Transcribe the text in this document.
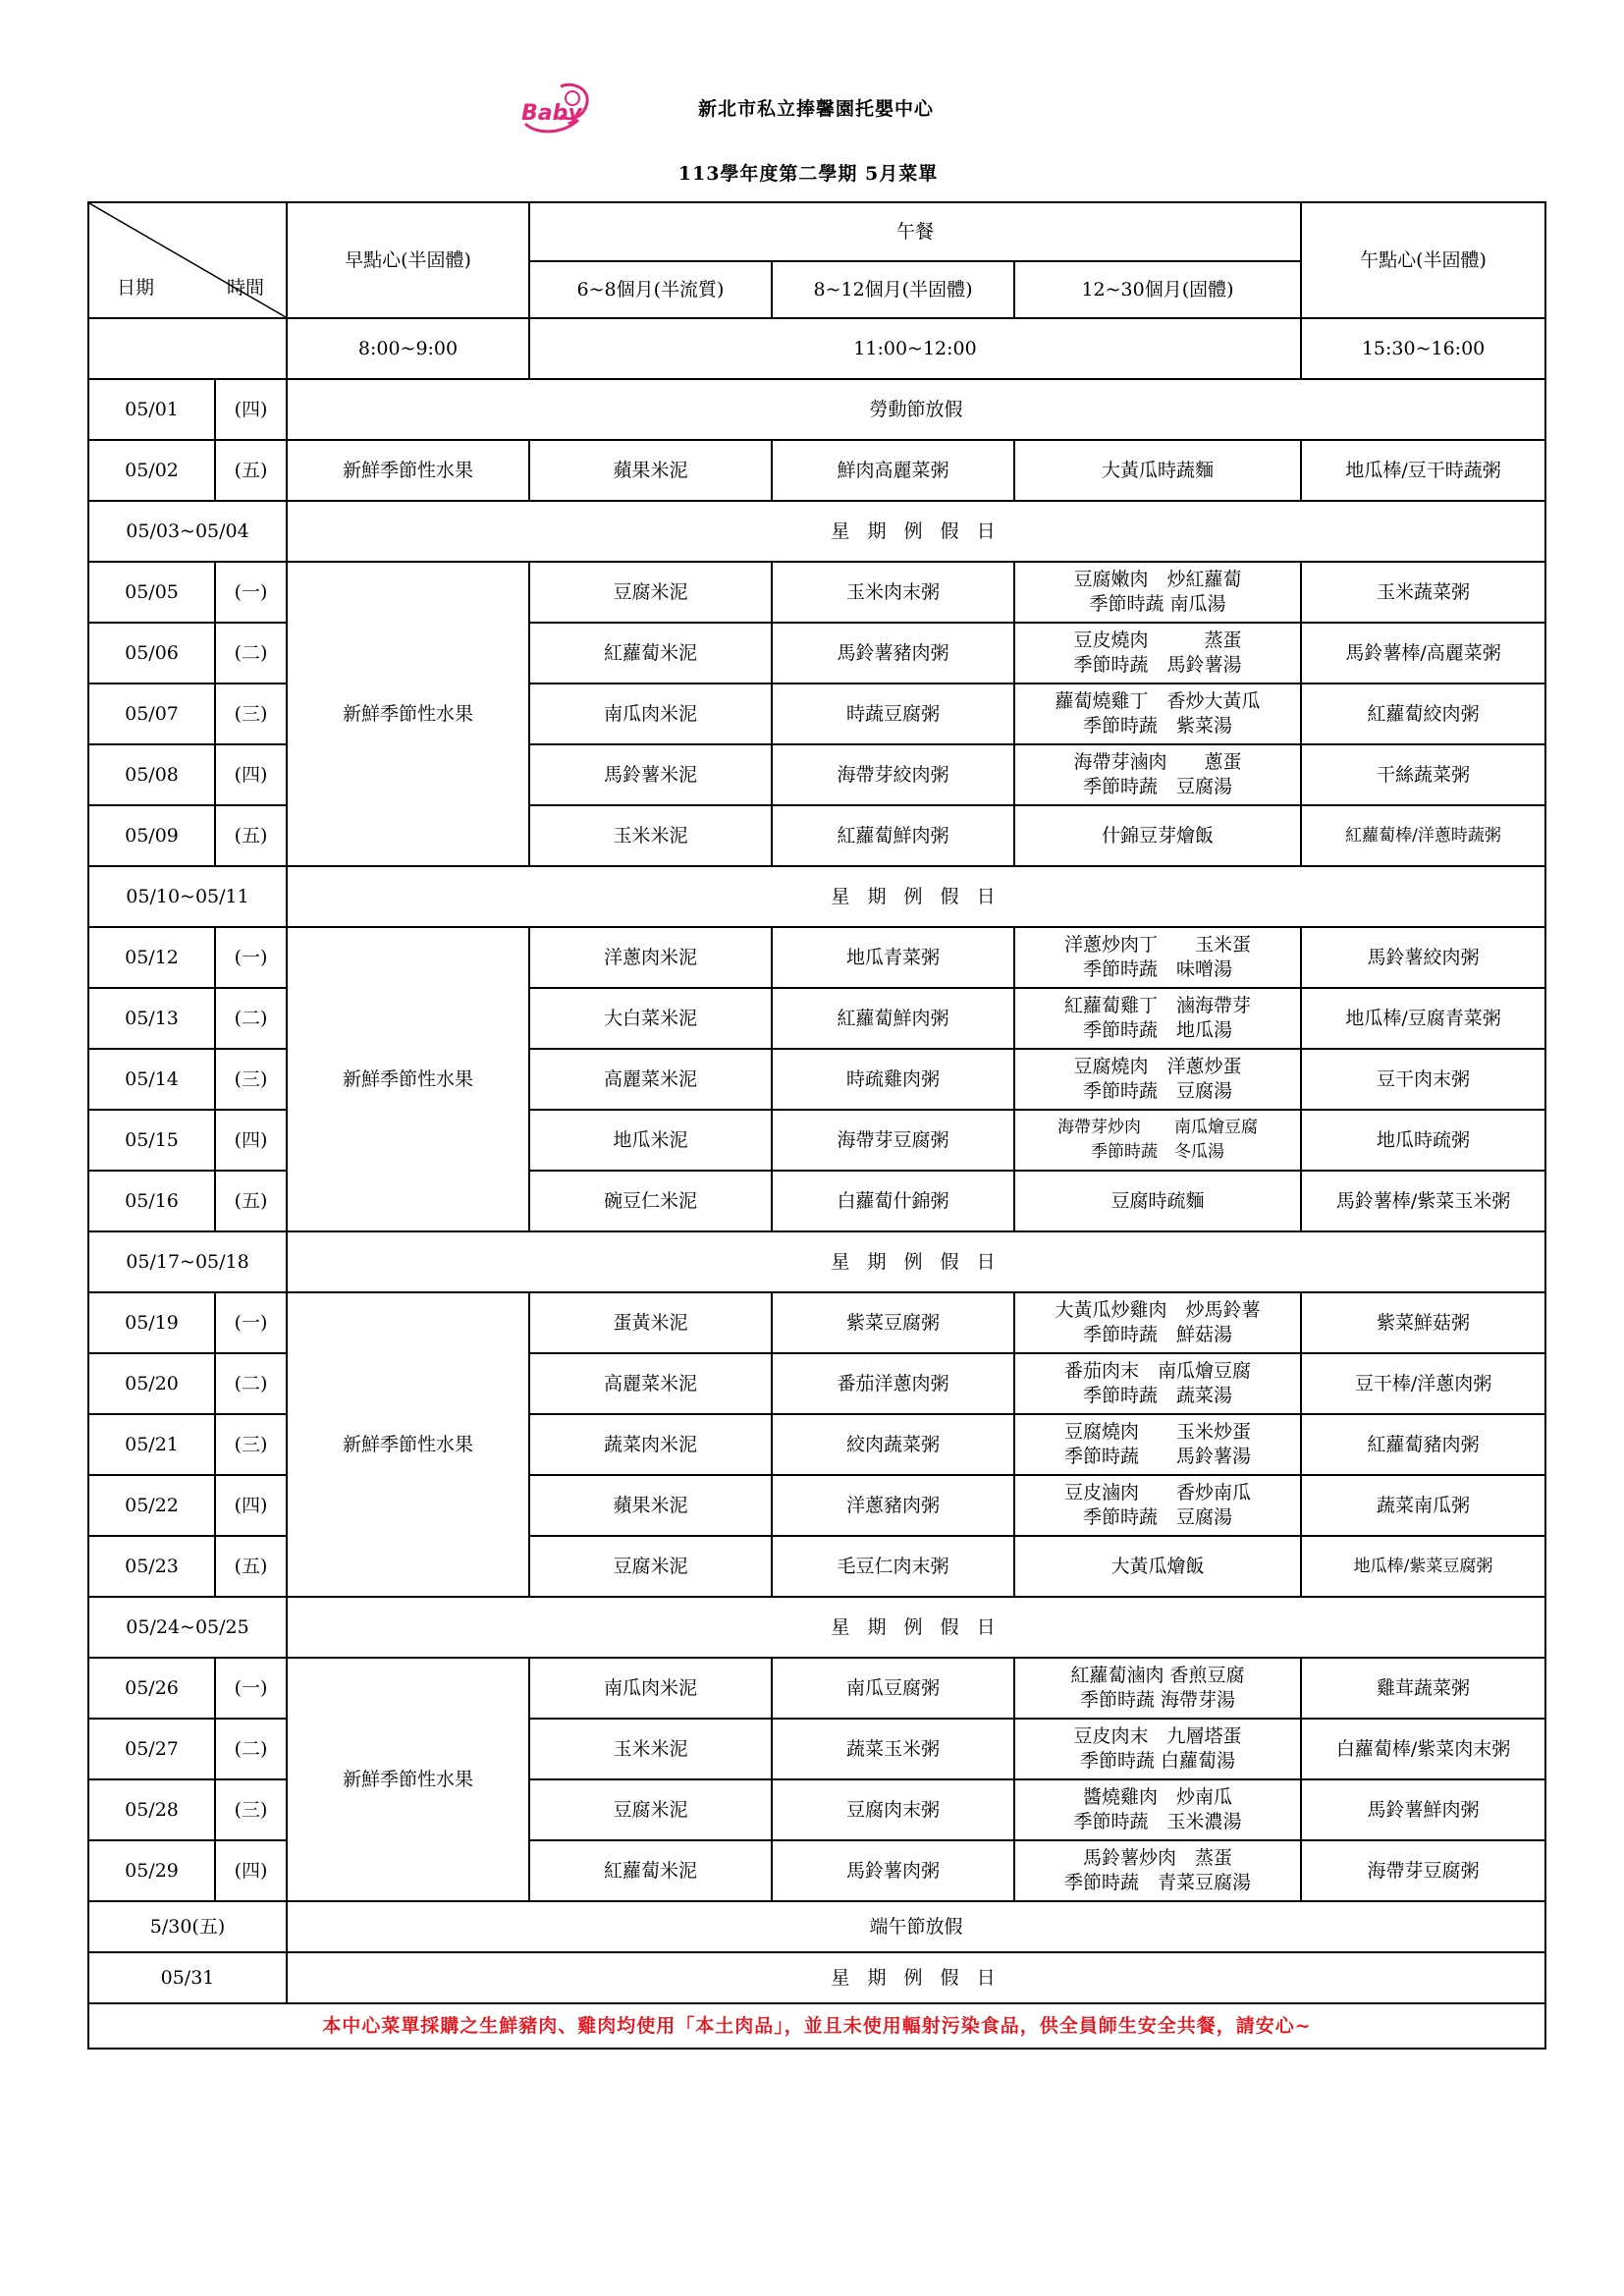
Baby	新北市私立捧馨園托嬰中心
113學年度第二學期 5月菜單
日期 時間		早點心(半固體)	午餐			午點心(半固體)
			6~8個月(半流質)	8~12個月(半固體)	12~30個月(固體)	
		8:00~9:00	11:00~12:00			15:30~16:00
05/01	(四)	勞動節放假				
05/02	(五)	新鮮季節性水果	蘋果米泥	鮮肉高麗菜粥	大黃瓜時蔬麵	地瓜棒/豆干時蔬粥
05/03~05/04		星 期 例 假 日				
05/05	(一)	新鮮季節性水果	豆腐米泥	玉米肉末粥	豆腐嫩肉　炒紅蘿蔔
季節時蔬 南瓜湯	玉米蔬菜粥
05/06	(二)		紅蘿蔔米泥	馬鈴薯豬肉粥	豆皮燒肉　　　蒸蛋
季節時蔬　馬鈴薯湯	馬鈴薯棒/高麗菜粥
05/07	(三)		南瓜肉米泥	時蔬豆腐粥	蘿蔔燒雞丁　香炒大黃瓜
季節時蔬　紫菜湯	紅蘿蔔絞肉粥
05/08	(四)		馬鈴薯米泥	海帶芽絞肉粥	海帶芽滷肉　　蔥蛋
季節時蔬　豆腐湯	干絲蔬菜粥
05/09	(五)		玉米米泥	紅蘿蔔鮮肉粥	什錦豆芽燴飯	紅蘿蔔棒/洋蔥時蔬粥
05/10~05/11		星 期 例 假 日				
05/12	(一)	新鮮季節性水果	洋蔥肉米泥	地瓜青菜粥	洋蔥炒肉丁　　玉米蛋
季節時蔬　味噌湯	馬鈴薯絞肉粥
05/13	(二)		大白菜米泥	紅蘿蔔鮮肉粥	紅蘿蔔雞丁　滷海帶芽
季節時蔬　地瓜湯	地瓜棒/豆腐青菜粥
05/14	(三)		高麗菜米泥	時疏雞肉粥	豆腐燒肉　洋蔥炒蛋
季節時蔬　豆腐湯	豆干肉末粥
05/15	(四)		地瓜米泥	海帶芽豆腐粥	海帶芽炒肉　　南瓜燴豆腐
季節時蔬　冬瓜湯	地瓜時疏粥
05/16	(五)		碗豆仁米泥	白蘿蔔什錦粥	豆腐時疏麵	馬鈴薯棒/紫菜玉米粥
05/17~05/18		星 期 例 假 日				
05/19	(一)	新鮮季節性水果	蛋黃米泥	紫菜豆腐粥	大黃瓜炒雞肉　炒馬鈴薯
季節時蔬　鮮菇湯	紫菜鮮菇粥
05/20	(二)		高麗菜米泥	番茄洋蔥肉粥	番茄肉末　南瓜燴豆腐
季節時蔬　蔬菜湯	豆干棒/洋蔥肉粥
05/21	(三)		蔬菜肉米泥	絞肉蔬菜粥	豆腐燒肉　　玉米炒蛋
季節時蔬　　馬鈴薯湯	紅蘿蔔豬肉粥
05/22	(四)		蘋果米泥	洋蔥豬肉粥	豆皮滷肉　　香炒南瓜
季節時蔬　豆腐湯	蔬菜南瓜粥
05/23	(五)		豆腐米泥	毛豆仁肉末粥	大黃瓜燴飯	地瓜棒/紫菜豆腐粥
05/24~05/25		星 期 例 假 日				
05/26	(一)	新鮮季節性水果	南瓜肉米泥	南瓜豆腐粥	紅蘿蔔滷肉 香煎豆腐
季節時蔬 海帶芽湯	雞茸蔬菜粥
05/27	(二)		玉米米泥	蔬菜玉米粥	豆皮肉末　九層塔蛋
季節時蔬 白蘿蔔湯	白蘿蔔棒/紫菜肉末粥
05/28	(三)		豆腐米泥	豆腐肉末粥	醬燒雞肉　炒南瓜
季節時蔬　玉米濃湯	馬鈴薯鮮肉粥
05/29	(四)		紅蘿蔔米泥	馬鈴薯肉粥	馬鈴薯炒肉　蒸蛋
季節時蔬　青菜豆腐湯	海帶芽豆腐粥
5/30(五)		端午節放假				
05/31		星 期 例 假 日				
本中心菜單採購之生鮮豬肉、雞肉均使用「本土肉品」，並且未使用輻射污染食品，供全員師生安全共餐，請安心~						
